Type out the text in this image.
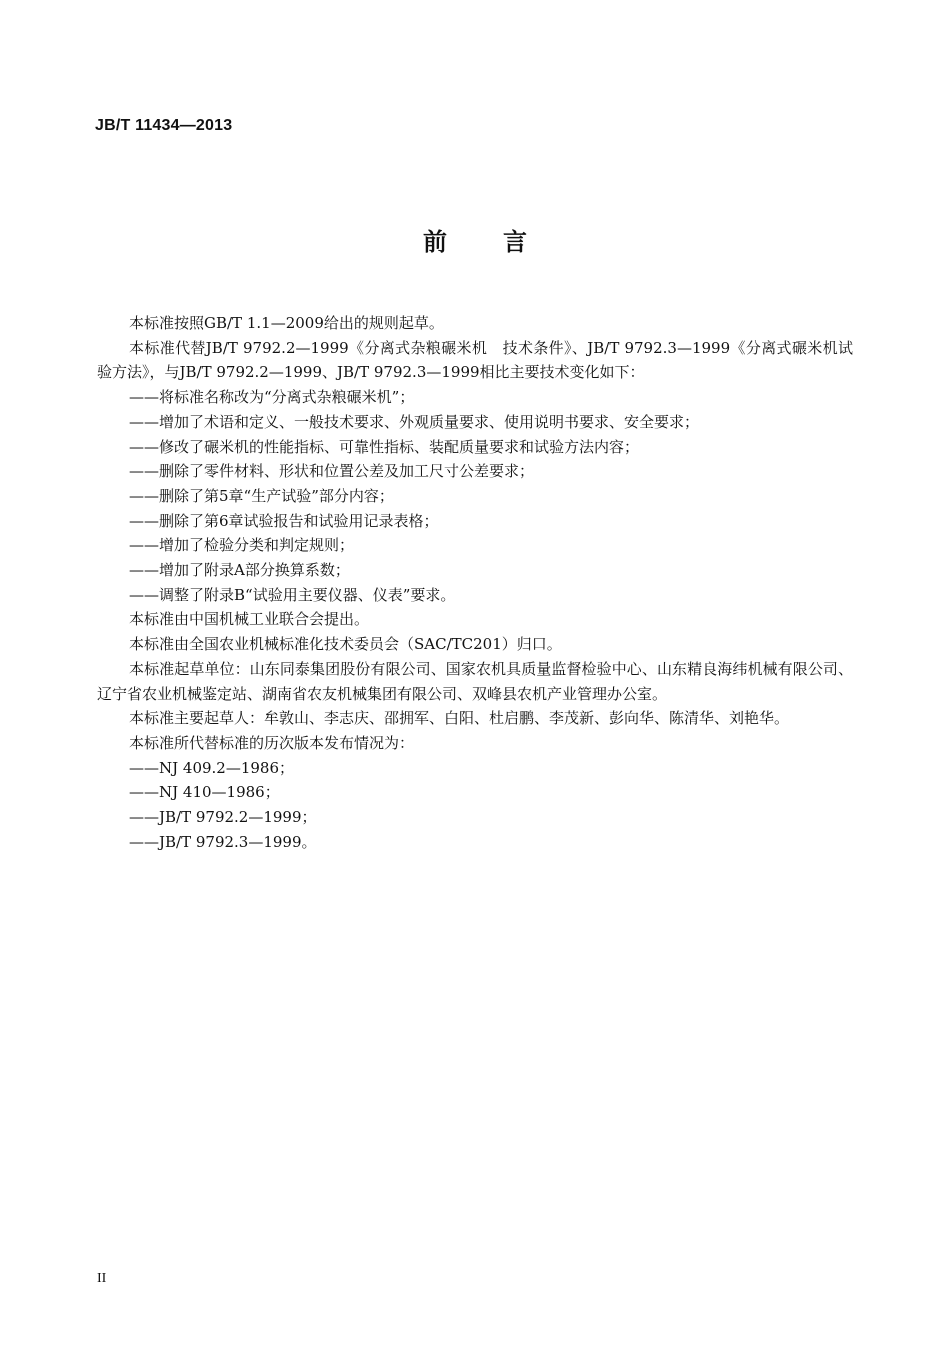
JB/T 11434—2013
前言

本标准按照GB/T 1.1—2009给出的规则起草。

本标准代替JB/T 9792.2—1999《分离式杂粮碾米机　技术条件》、JB/T 9792.3—1999《分离式碾米机试验方法》，与JB/T 9792.2—1999、JB/T 9792.3—1999相比主要技术变化如下：

——将标准名称改为“分离式杂粮碾米机”；

——增加了术语和定义、一般技术要求、外观质量要求、使用说明书要求、安全要求；

——修改了碾米机的性能指标、可靠性指标、装配质量要求和试验方法内容；

——删除了零件材料、形状和位置公差及加工尺寸公差要求；

——删除了第5章“生产试验”部分内容；

——删除了第6章试验报告和试验用记录表格；

——增加了检验分类和判定规则；

——增加了附录A部分换算系数；

——调整了附录B“试验用主要仪器、仪表”要求。

本标准由中国机械工业联合会提出。

本标准由全国农业机械标准化技术委员会（SAC/TC201）归口。

本标准起草单位：山东同泰集团股份有限公司、国家农机具质量监督检验中心、山东精良海纬机械有限公司、辽宁省农业机械鉴定站、湖南省农友机械集团有限公司、双峰县农机产业管理办公室。

本标准主要起草人：牟敦山、李志庆、邵拥军、白阳、杜启鹏、李茂新、彭向华、陈清华、刘艳华。

本标准所代替标准的历次版本发布情况为：

——NJ 409.2—1986；

——NJ 410—1986；

——JB/T 9792.2—1999；

——JB/T 9792.3—1999。

II
